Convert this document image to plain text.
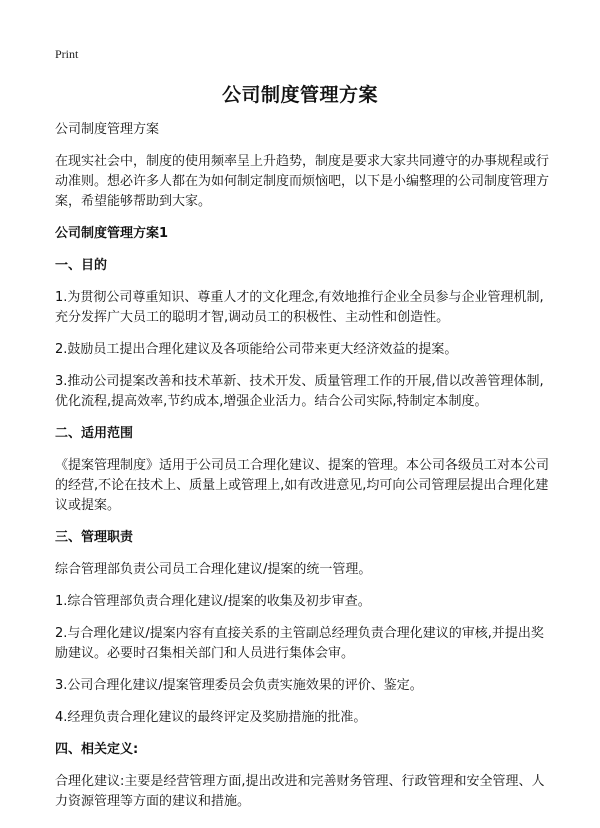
Print
公司制度管理方案

公司制度管理方案

在现实社会中，制度的使用频率呈上升趋势，制度是要求大家共同遵守的办事规程或行动准则。想必许多人都在为如何制定制度而烦恼吧，以下是小编整理的公司制度管理方案，希望能够帮助到大家。

公司制度管理方案1

一、目的

1.为贯彻公司尊重知识、尊重人才的文化理念,有效地推行企业全员参与企业管理机制,充分发挥广大员工的聪明才智,调动员工的积极性、主动性和创造性。

2.鼓励员工提出合理化建议及各项能给公司带来更大经济效益的提案。

3.推动公司提案改善和技术革新、技术开发、质量管理工作的开展,借以改善管理体制,优化流程,提高效率,节约成本,增强企业活力。结合公司实际,特制定本制度。

二、适用范围

《提案管理制度》适用于公司员工合理化建议、提案的管理。本公司各级员工对本公司的经营,不论在技术上、质量上或管理上,如有改进意见,均可向公司管理层提出合理化建议或提案。

三、管理职责

综合管理部负责公司员工合理化建议/提案的统一管理。

1.综合管理部负责合理化建议/提案的收集及初步审查。

2.与合理化建议/提案内容有直接关系的主管副总经理负责合理化建议的审核,并提出奖励建议。必要时召集相关部门和人员进行集体会审。

3.公司合理化建议/提案管理委员会负责实施效果的评价、鉴定。

4.经理负责合理化建议的最终评定及奖励措施的批准。

四、相关定义:

合理化建议:主要是经营管理方面,提出改进和完善财务管理、行政管理和安全管理、人力资源管理等方面的建议和措施。
